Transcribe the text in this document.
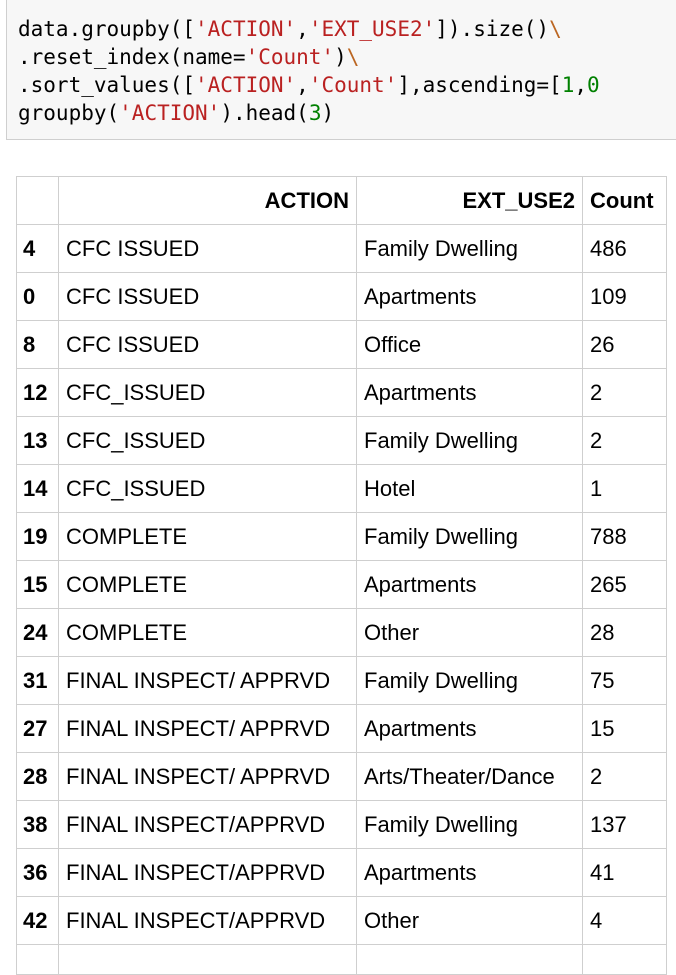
data.groupby(['ACTION','EXT_USE2']).size()\
.reset_index(name='Count')\
.sort_values(['ACTION','Count'],ascending=[1,0
groupby('ACTION').head(3)
	ACTION	EXT_USE2	Count
4	CFC ISSUED	Family Dwelling	486
0	CFC ISSUED	Apartments	109
8	CFC ISSUED	Office	26
12	CFC_ISSUED	Apartments	2
13	CFC_ISSUED	Family Dwelling	2
14	CFC_ISSUED	Hotel	1
19	COMPLETE	Family Dwelling	788
15	COMPLETE	Apartments	265
24	COMPLETE	Other	28
31	FINAL INSPECT/ APPRVD	Family Dwelling	75
27	FINAL INSPECT/ APPRVD	Apartments	15
28	FINAL INSPECT/ APPRVD	Arts/Theater/Dance	2
38	FINAL INSPECT/APPRVD	Family Dwelling	137
36	FINAL INSPECT/APPRVD	Apartments	41
42	FINAL INSPECT/APPRVD	Other	4
